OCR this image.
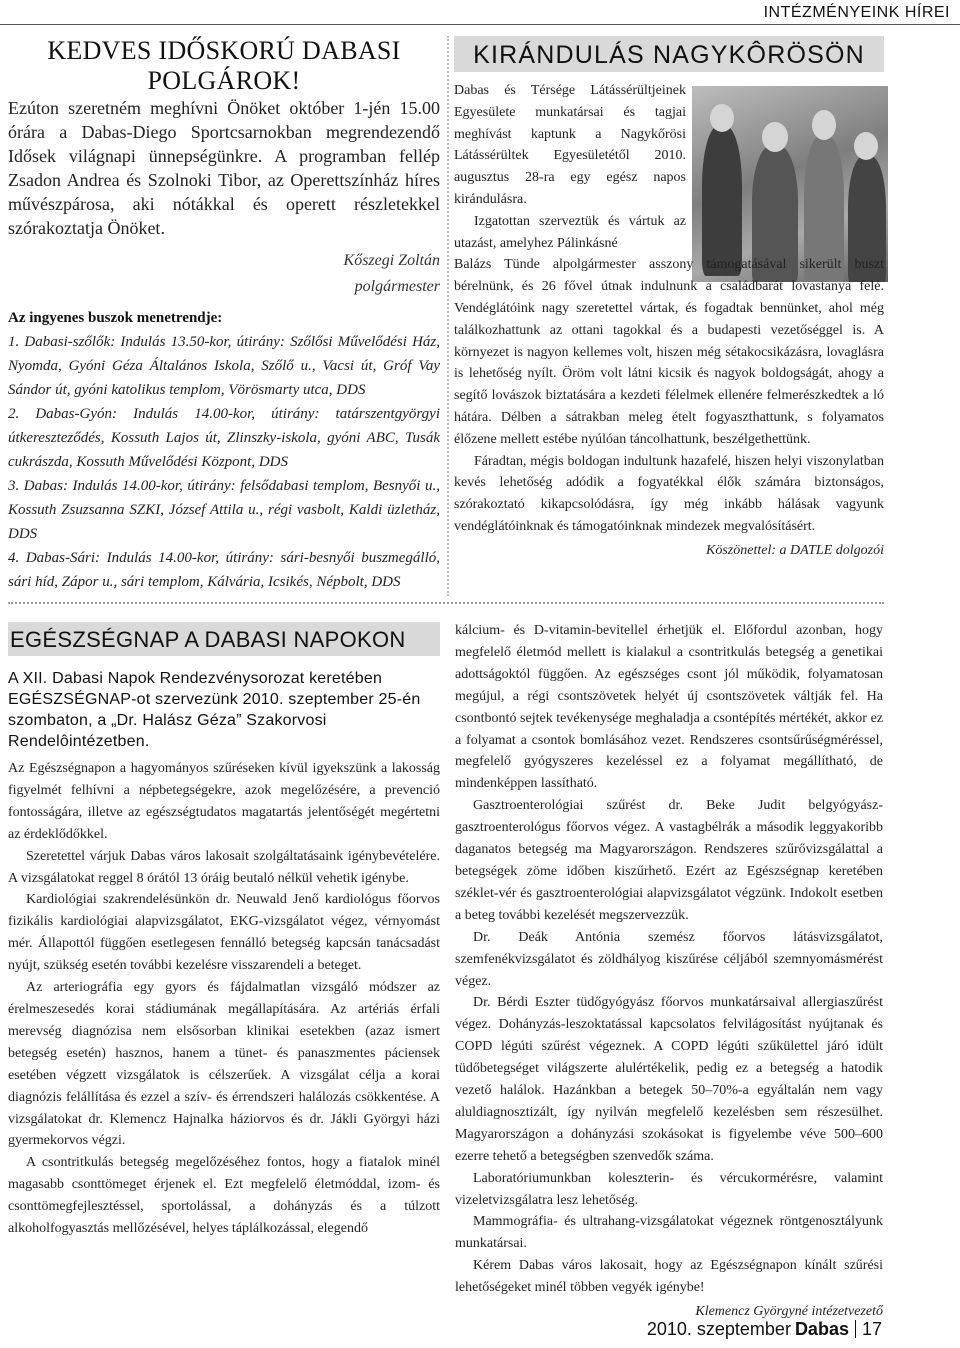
INTÉZMÉNYEINK HÍREI
KEDVES IDŐSKORÚ DABASI
POLGÁROK!

Ezúton szeretném meghívni Önöket október 1-jén 15.00 órára a Dabas-Diego Sportcsarnokban megrendezendő Idősek világnapi ünnepségünkre. A programban fellép Zsadon Andrea és Szolnoki Tibor, az Operettszínház híres művészpárosa, aki nótákkal és operett részletekkel szórakoztatja Önöket.

Kőszegi Zoltán
polgármester
Az ingyenes buszok menetrendje:

1. Dabasi-szőlők: Indulás 13.50-kor, útirány: Szőlősi Művelődési Ház, Nyomda, Gyóni Géza Általános Iskola, Szőlő u., Vacsi út, Gróf Vay Sándor út, gyóni katolikus templom, Vörösmarty utca, DDS

2. Dabas-Gyón: Indulás 14.00-kor, útirány: tatárszentgyörgyi útkereszteződés, Kossuth Lajos út, Zlinszky-iskola, gyóni ABC, Tusák cukrászda, Kossuth Művelődési Központ, DDS

3. Dabas: Indulás 14.00-kor, útirány: felsődabasi templom, Besnyői u., Kossuth Zsuzsanna SZKI, József Attila u., régi vasbolt, Kaldi üzletház, DDS

4. Dabas-Sári: Indulás 14.00-kor, útirány: sári-besnyői buszmegálló, sári híd, Zápor u., sári templom, Kálvária, Icsikés, Népbolt, DDS

KIRÁNDULÁS NAGYKÔRÖSÖN

Dabas és Térsége Látássérültjeinek Egyesülete munkatársai és tagjai meghívást kaptunk a Nagykőrösi Látássérültek Egyesületétől 2010. augusztus 28-ra egy egész napos kirándulásra.

Izgatottan szerveztük és vártuk az utazást, amelyhez Pálinkásné

Balázs Tünde alpolgármester asszony támogatásával sikerült buszt bérelnünk, és 26 fővel útnak indulnunk a családbarát lovastanya felé. Vendéglátóink nagy szeretettel vártak, és fogadtak bennünket, ahol még találkozhattunk az ottani tagokkal és a budapesti vezetőséggel is. A környezet is nagyon kellemes volt, hiszen még sétakocsikázásra, lovaglásra is lehetőség nyílt. Öröm volt látni kicsik és nagyok boldogságát, ahogy a segítő lovászok biztatására a kezdeti félelmek ellenére felmerészkedtek a ló hátára. Délben a sátrakban meleg ételt fogyaszthattunk, s folyamatos élőzene mellett estébe nyúlóan táncolhattunk, beszélgethettünk.

Fáradtan, mégis boldogan indultunk hazafelé, hiszen helyi viszonylatban kevés lehetőség adódik a fogyatékkal élők számára biztonságos, szórakoztató kikapcsolódásra, így még inkább hálásak vagyunk vendéglátóinknak és támogatóinknak mindezek megvalósításért.

Köszönettel: a DATLE dolgozói

EGÉSZSÉGNAP A DABASI NAPOKON

A XII. Dabasi Napok Rendezvénysorozat keretében EGÉSZSÉGNAP-ot szervezünk 2010. szeptember 25-én szombaton, a „Dr. Halász Géza” Szakorvosi Rendelôintézetben.

Az Egészségnapon a hagyományos szűréseken kívül igyekszünk a lakosság figyelmét felhívni a népbetegségekre, azok megelőzésére, a prevenció fontosságára, illetve az egészségtudatos magatartás jelentőségét megértetni az érdeklődőkkel.

Szeretettel várjuk Dabas város lakosait szolgáltatásaink igénybevételére. A vizsgálatokat reggel 8 órától 13 óráig beutaló nélkül vehetik igénybe.

Kardiológiai szakrendelésünkön dr. Neuwald Jenő kardiológus főorvos fizikális kardiológiai alapvizsgálatot, EKG-vizsgálatot végez, vérnyomást mér. Állapottól függően esetlegesen fennálló betegség kapcsán tanácsadást nyújt, szükség esetén további kezelésre visszarendeli a beteget.

Az arteriográfia egy gyors és fájdalmatlan vizsgáló módszer az érelmeszesedés korai stádiumának megállapítására. Az artériás érfali merevség diagnózisa nem elsősorban klinikai esetekben (azaz ismert betegség esetén) hasznos, hanem a tünet- és panaszmentes páciensek esetében végzett vizsgálatok is célszerűek. A vizsgálat célja a korai diagnózis felállítása és ezzel a szív- és érrendszeri halálozás csökkentése. A vizsgálatokat dr. Klemencz Hajnalka háziorvos és dr. Jákli Györgyi házi gyermekorvos végzi.

A csontritkulás betegség megelőzéséhez fontos, hogy a fiatalok minél magasabb csonttömeget érjenek el. Ezt megfelelő életmóddal, izom- és csonttömegfejlesztéssel, sportolással, a dohányzás és a túlzott alkoholfogyasztás mellőzésével, helyes táplálkozással, elegendő

kálcium- és D-vitamin-bevitellel érhetjük el. Előfordul azonban, hogy megfelelő életmód mellett is kialakul a csontritkulás betegség a genetikai adottságoktól függően. Az egészséges csont jól működik, folyamatosan megújul, a régi csontszövetek helyét új csontszövetek váltják fel. Ha csontbontó sejtek tevékenysége meghaladja a csontépítés mértékét, akkor ez a folyamat a csontok bomlásához vezet. Rendszeres csontsűrűségméréssel, megfelelő gyógyszeres kezeléssel ez a folyamat megállítható, de mindenképpen lassítható.

Gasztroenterológiai szűrést dr. Beke Judit belgyógyász-gasztroenterológus főorvos végez. A vastagbélrák a második leggyakoribb daganatos betegség ma Magyarországon. Rendszeres szűrővizsgálattal a betegségek zöme időben kiszűrhető. Ezért az Egészségnap keretében széklet-vér és gasztroenterológiai alapvizsgálatot végzünk. Indokolt esetben a beteg további kezelését megszervezzük.

Dr. Deák Antónia szemész főorvos látásvizsgálatot, szemfenékvizsgálatot és zöldhályog kiszűrése céljából szemnyomásmérést végez.

Dr. Bérdi Eszter tüdőgyógyász főorvos munkatársaival allergiaszűrést végez. Dohányzás-leszoktatással kapcsolatos felvilágosítást nyújtanak és COPD légúti szűrést végeznek. A COPD légúti szűkülettel járó idült tüdőbetegséget világszerte alulértékelik, pedig ez a betegség a hatodik vezető halálok. Hazánkban a betegek 50–70%-a egyáltalán nem vagy aluldiagnosztizált, így nyilván megfelelő kezelésben sem részesülhet. Magyarországon a dohányzási szokásokat is figyelembe véve 500–600 ezerre tehető a betegségben szenvedők száma.

Laboratóriumunkban koleszterin- és vércukormérésre, valamint vizeletvizsgálatra lesz lehetőség.

Mammográfia- és ultrahang-vizsgálatokat végeznek röntgenosztályunk munkatársai.

Kérem Dabas város lakosait, hogy az Egészségnapon kínált szűrési lehetőségeket minél többen vegyék igénybe!

Klemencz Györgyné intézetvezető

2010. szeptember Dabas 17
